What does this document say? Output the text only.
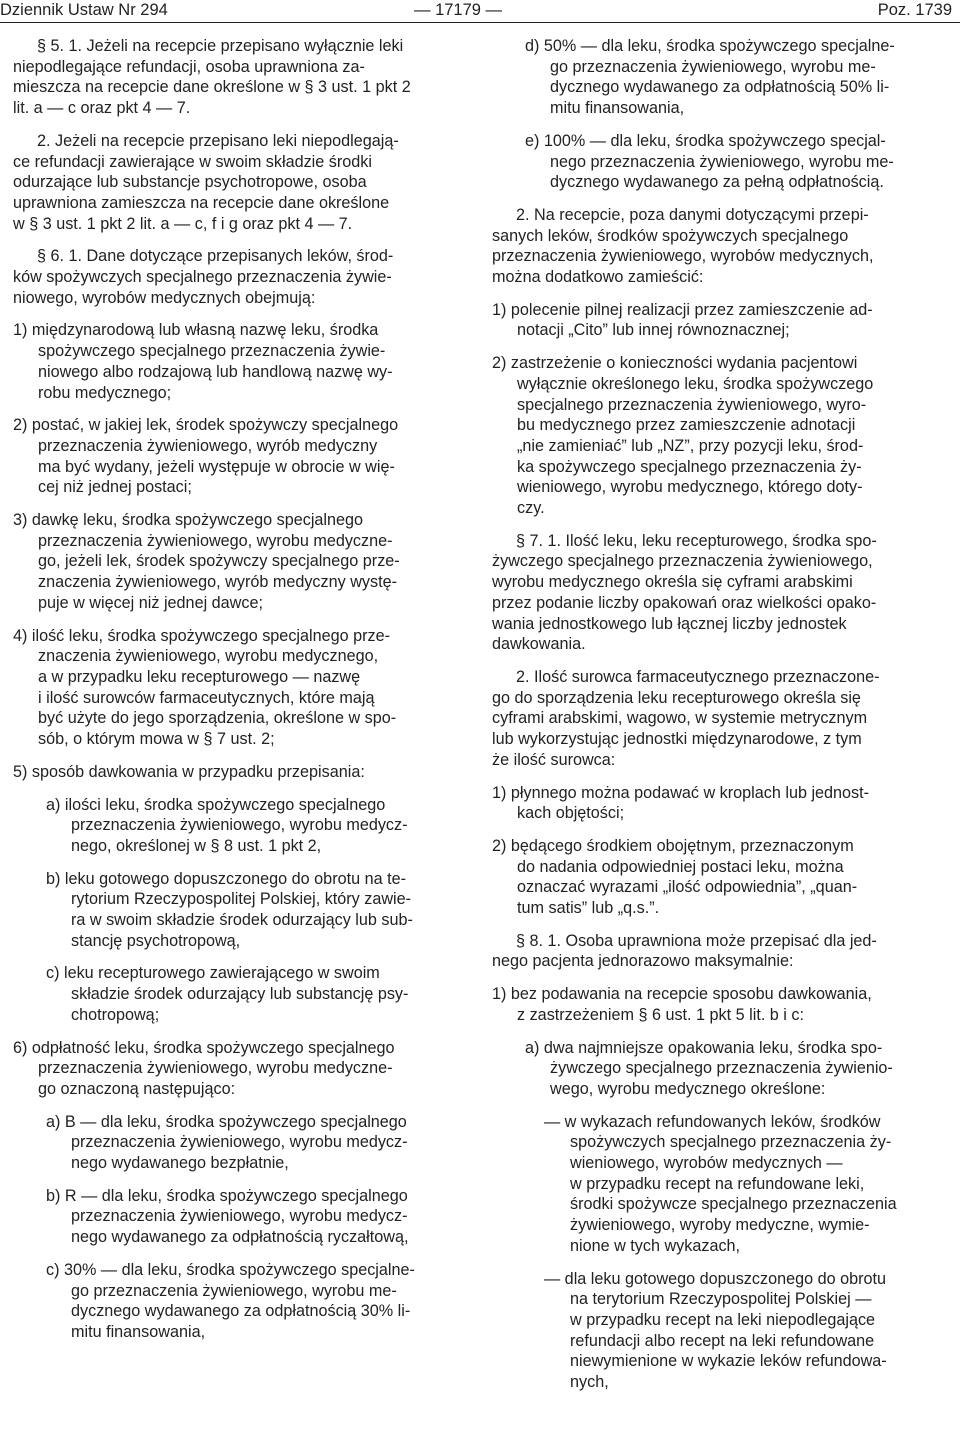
Dziennik Ustaw Nr 294	— 17179 —	Poz. 1739

§ 5. 1. Jeżeli na recepcie przepisano wyłącznie leki
niepodlegające refundacji, osoba uprawniona za-
mieszcza na recepcie dane określone w § 3 ust. 1 pkt 2
lit. a — c oraz pkt 4 — 7.

2. Jeżeli na recepcie przepisano leki niepodlegają-
ce refundacji zawierające w swoim składzie środki
odurzające lub substancje psychotropowe, osoba
uprawniona zamieszcza na recepcie dane określone
w § 3 ust. 1 pkt 2 lit. a — c, f i g oraz pkt 4 — 7.

§ 6. 1. Dane dotyczące przepisanych leków, środ-
ków spożywczych specjalnego przeznaczenia żywie-
niowego, wyrobów medycznych obejmują:

1) międzynarodową lub własną nazwę leku, środka
spożywczego specjalnego przeznaczenia żywie-
niowego albo rodzajową lub handlową nazwę wy-
robu medycznego;

2) postać, w jakiej lek, środek spożywczy specjalnego
przeznaczenia żywieniowego, wyrób medyczny
ma być wydany, jeżeli występuje w obrocie w wię-
cej niż jednej postaci;

3) dawkę leku, środka spożywczego specjalnego
przeznaczenia żywieniowego, wyrobu medyczne-
go, jeżeli lek, środek spożywczy specjalnego prze-
znaczenia żywieniowego, wyrób medyczny wystę-
puje w więcej niż jednej dawce;

4) ilość leku, środka spożywczego specjalnego prze-
znaczenia żywieniowego, wyrobu medycznego,
a w przypadku leku recepturowego — nazwę
i ilość surowców farmaceutycznych, które mają
być użyte do jego sporządzenia, określone w spo-
sób, o którym mowa w § 7 ust. 2;

5) sposób dawkowania w przypadku przepisania:

a) ilości leku, środka spożywczego specjalnego
przeznaczenia żywieniowego, wyrobu medycz-
nego, określonej w § 8 ust. 1 pkt 2,

b) leku gotowego dopuszczonego do obrotu na te-
rytorium Rzeczypospolitej Polskiej, który zawie-
ra w swoim składzie środek odurzający lub sub-
stancję psychotropową,

c) leku recepturowego zawierającego w swoim
składzie środek odurzający lub substancję psy-
chotropową;

6) odpłatność leku, środka spożywczego specjalnego
przeznaczenia żywieniowego, wyrobu medyczne-
go oznaczoną następująco:

a) B — dla leku, środka spożywczego specjalnego
przeznaczenia żywieniowego, wyrobu medycz-
nego wydawanego bezpłatnie,

b) R — dla leku, środka spożywczego specjalnego
przeznaczenia żywieniowego, wyrobu medycz-
nego wydawanego za odpłatnością ryczałtową,

c) 30% — dla leku, środka spożywczego specjalne-
go przeznaczenia żywieniowego, wyrobu me-
dycznego wydawanego za odpłatnością 30% li-
mitu finansowania,

d) 50% — dla leku, środka spożywczego specjalne-
go przeznaczenia żywieniowego, wyrobu me-
dycznego wydawanego za odpłatnością 50% li-
mitu finansowania,

e) 100% — dla leku, środka spożywczego specjal-
nego przeznaczenia żywieniowego, wyrobu me-
dycznego wydawanego za pełną odpłatnością.

2. Na recepcie, poza danymi dotyczącymi przepi-
sanych leków, środków spożywczych specjalnego
przeznaczenia żywieniowego, wyrobów medycznych,
można dodatkowo zamieścić:

1) polecenie pilnej realizacji przez zamieszczenie ad-
notacji „Cito” lub innej równoznacznej;

2) zastrzeżenie o konieczności wydania pacjentowi
wyłącznie określonego leku, środka spożywczego
specjalnego przeznaczenia żywieniowego, wyro-
bu medycznego przez zamieszczenie adnotacji
„nie zamieniać” lub „NZ”, przy pozycji leku, środ-
ka spożywczego specjalnego przeznaczenia ży-
wieniowego, wyrobu medycznego, którego doty-
czy.

§ 7. 1. Ilość leku, leku recepturowego, środka spo-
żywczego specjalnego przeznaczenia żywieniowego,
wyrobu medycznego określa się cyframi arabskimi
przez podanie liczby opakowań oraz wielkości opako-
wania jednostkowego lub łącznej liczby jednostek
dawkowania.

2. Ilość surowca farmaceutycznego przeznaczone-
go do sporządzenia leku recepturowego określa się
cyframi arabskimi, wagowo, w systemie metrycznym
lub wykorzystując jednostki międzynarodowe, z tym
że ilość surowca:

1) płynnego można podawać w kroplach lub jednost-
kach objętości;

2) będącego środkiem obojętnym, przeznaczonym
do nadania odpowiedniej postaci leku, można
oznaczać wyrazami „ilość odpowiednia”, „quan-
tum satis” lub „q.s.”.

§ 8. 1. Osoba uprawniona może przepisać dla jed-
nego pacjenta jednorazowo maksymalnie:

1) bez podawania na recepcie sposobu dawkowania,
z zastrzeżeniem § 6 ust. 1 pkt 5 lit. b i c:

a) dwa najmniejsze opakowania leku, środka spo-
żywczego specjalnego przeznaczenia żywienio-
wego, wyrobu medycznego określone:

— w wykazach refundowanych leków, środków
spożywczych specjalnego przeznaczenia ży-
wieniowego, wyrobów medycznych —
w przypadku recept na refundowane leki,
środki spożywcze specjalnego przeznaczenia
żywieniowego, wyroby medyczne, wymie-
nione w tych wykazach,

— dla leku gotowego dopuszczonego do obrotu
na terytorium Rzeczypospolitej Polskiej —
w przypadku recept na leki niepodlegające
refundacji albo recept na leki refundowane
niewymienione w wykazie leków refundowa-
nych,
